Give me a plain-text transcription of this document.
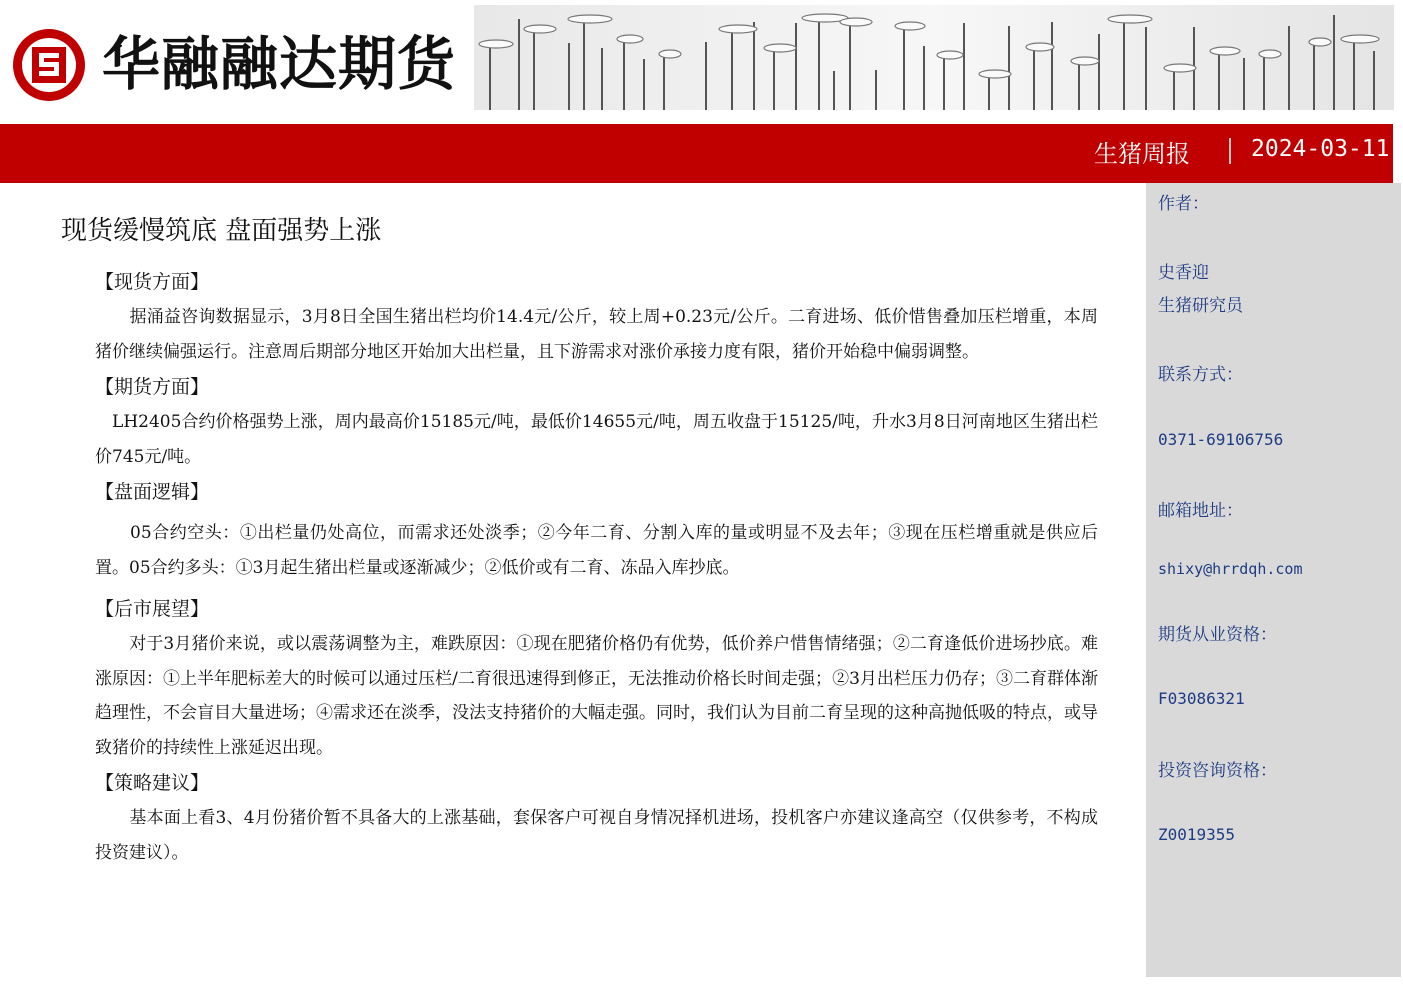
华融融达期货
生猪周报	2024-03-11
作者：
史香迎
生猪研究员
联系方式：
0371-69106756
邮箱地址：
shixy@hrrdqh.com
期货从业资格：
F03086321
投资咨询资格：
Z0019355
现货缓慢筑底 盘面强势上涨
【现货方面】

　　据涌益咨询数据显示，3月8日全国生猪出栏均价14.4元/公斤，较上周+0.23元/公斤。二育进场、低价惜售叠加压栏增重，本周猪价继续偏强运行。注意周后期部分地区开始加大出栏量，且下游需求对涨价承接力度有限，猪价开始稳中偏弱调整。

【期货方面】

　LH2405合约价格强势上涨，周内最高价15185元/吨，最低价14655元/吨，周五收盘于15125/吨，升水3月8日河南地区生猪出栏价745元/吨。

【盘面逻辑】

　　05合约空头：①出栏量仍处高位，而需求还处淡季；②今年二育、分割入库的量或明显不及去年；③现在压栏增重就是供应后置。05合约多头：①3月起生猪出栏量或逐渐减少；②低价或有二育、冻品入库抄底。

【后市展望】

　　对于3月猪价来说，或以震荡调整为主，难跌原因：①现在肥猪价格仍有优势，低价养户惜售情绪强；②二育逢低价进场抄底。难涨原因：①上半年肥标差大的时候可以通过压栏/二育很迅速得到修正，无法推动价格长时间走强；②3月出栏压力仍存；③二育群体渐趋理性，不会盲目大量进场；④需求还在淡季，没法支持猪价的大幅走强。同时，我们认为目前二育呈现的这种高抛低吸的特点，或导致猪价的持续性上涨延迟出现。

【策略建议】

　　基本面上看3、4月份猪价暂不具备大的上涨基础，套保客户可视自身情况择机进场，投机客户亦建议逢高空（仅供参考，不构成投资建议）。
